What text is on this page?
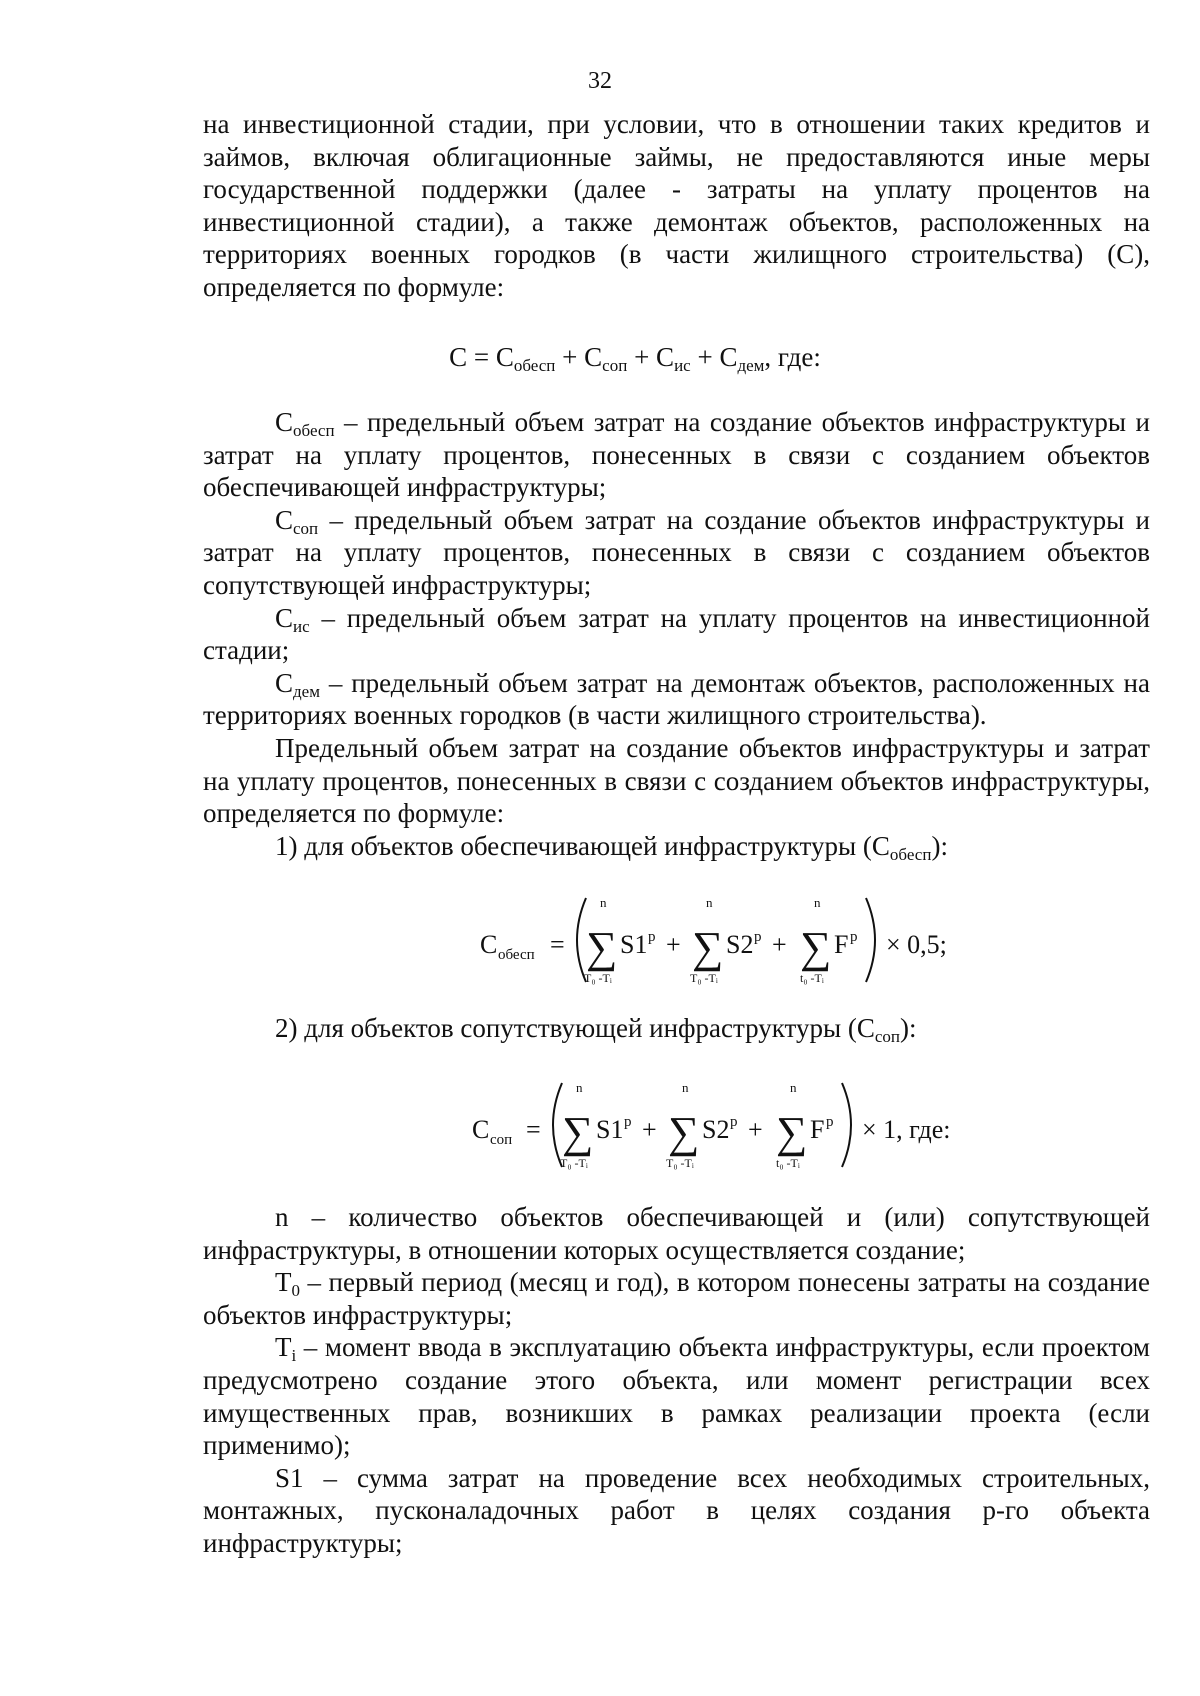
32

на инвестиционной стадии, при условии, что в отношении таких кредитов и займов, включая облигационные займы, не предоставляются иные меры государственной поддержки (далее - затраты на уплату процентов на инвестиционной стадии), а также демонтаж объектов, расположенных на территориях военных городков (в части жилищного строительства) (С), определяется по формуле:

$С = С_{обесп} + С_{соп} + С_{ис} + С_{дем}$, где:

$С_{обесп}$ – предельный объем затрат на создание объектов инфраструктуры и затрат на уплату процентов, понесенных в связи с созданием объектов обеспечивающей инфраструктуры;

$С_{соп}$ – предельный объем затрат на создание объектов инфраструктуры и затрат на уплату процентов, понесенных в связи с созданием объектов сопутствующей инфраструктуры;

$С_{ис}$ – предельный объем затрат на уплату процентов на инвестиционной стадии;

$С_{дем}$ – предельный объем затрат на демонтаж объектов, расположенных на территориях военных городков (в части жилищного строительства).

Предельный объем затрат на создание объектов инфраструктуры и затрат на уплату процентов, понесенных в связи с созданием объектов инфраструктуры, определяется по формуле:

1) для объектов обеспечивающей инфраструктуры $(С_{обесп})$:

С обесп =
n
∑
T₀ -Tᵢ
S1 p +
n
∑
T₀ -Tᵢ
S2 p +
n
∑
t₀ -Tᵢ
F p × 0,5;

2) для объектов сопутствующей инфраструктуры $(С_{соп})$:

С соп =
n
∑
T₀ -Tᵢ
S1 p +
n
∑
T₀ -Tᵢ
S2 p +
n
∑
t₀ -Tᵢ
F p × 1, где:

n – количество объектов обеспечивающей и (или) сопутствующей инфраструктуры, в отношении которых осуществляется создание;

$T_0$ – первый период (месяц и год), в котором понесены затраты на создание объектов инфраструктуры;

$T_i$ – момент ввода в эксплуатацию объекта инфраструктуры, если проектом предусмотрено создание этого объекта, или момент регистрации всех имущественных прав, возникших в рамках реализации проекта (если применимо);

S1 – сумма затрат на проведение всех необходимых строительных, монтажных, пусконаладочных работ в целях создания p-го объекта инфраструктуры;
